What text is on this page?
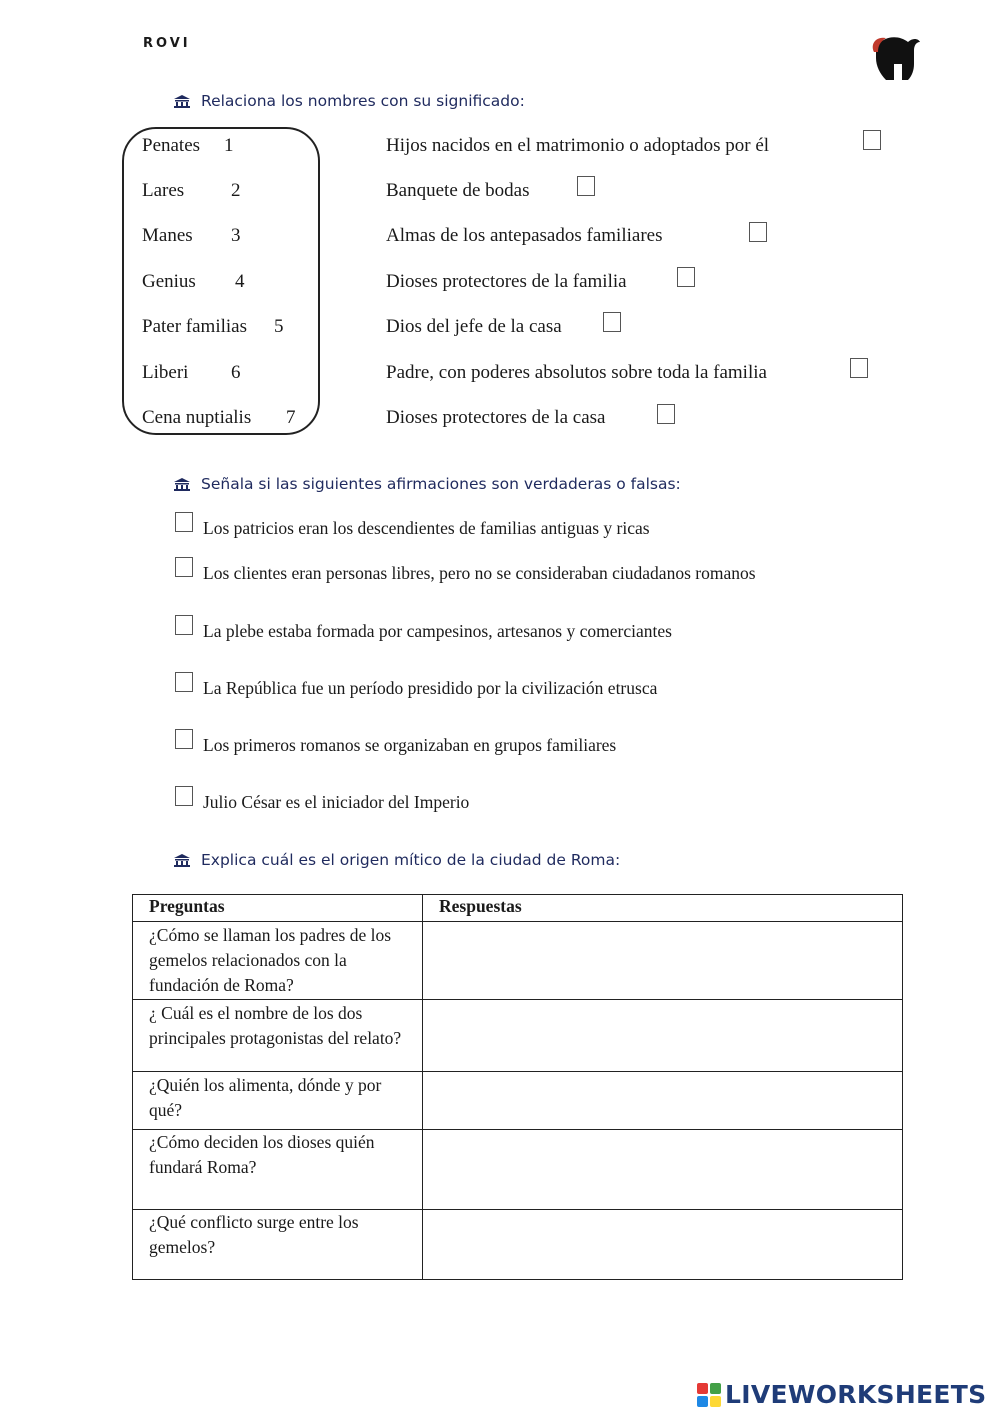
ROVI
Relaciona los nombres con su significado:
Penates 1
Lares 2
Manes 3
Genius 4
Pater familias 5
Liberi 6
Cena nuptialis 7
Hijos nacidos en el matrimonio o adoptados por él
Banquete de bodas
Almas de los antepasados familiares
Dioses protectores de la familia
Dios del jefe de la casa
Padre, con poderes absolutos sobre toda la familia
Dioses protectores de la casa
Señala si las siguientes afirmaciones son verdaderas o falsas:
Los patricios eran los descendientes de familias antiguas y ricas
Los clientes eran personas libres, pero no se consideraban ciudadanos romanos
La plebe estaba formada por campesinos, artesanos y comerciantes
La República fue un período presidido por la civilización etrusca
Los primeros romanos se organizaban en grupos familiares
Julio César es el iniciador del Imperio
Explica cuál es el origen mítico de la ciudad de Roma:
Preguntas	Respuestas
¿Cómo se llaman los padres de los gemelos relacionados con la fundación de Roma?	
¿ Cuál es el nombre de los dos principales protagonistas del relato?	
¿Quién los alimenta, dónde y por qué?	
¿Cómo deciden los dioses quién fundará Roma?	
¿Qué conflicto surge entre los gemelos?	
LIVEWORKSHEETS
